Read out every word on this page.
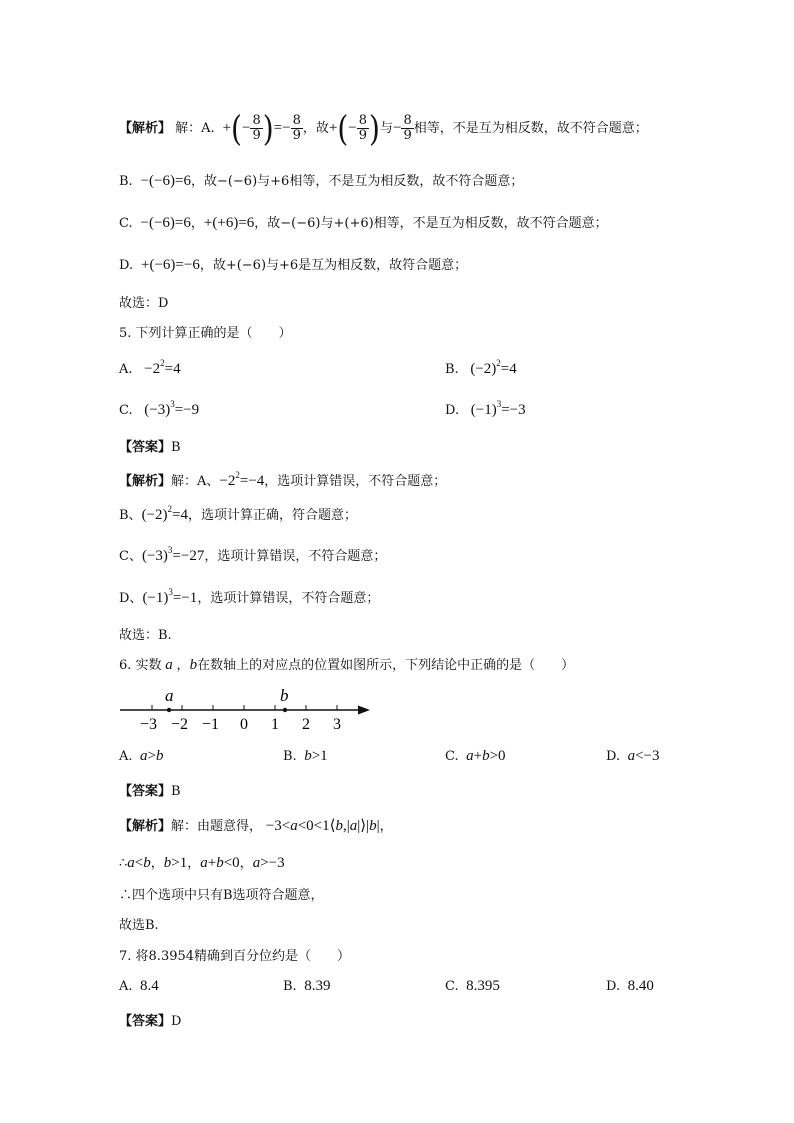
【解析】 解：A.  +(− $\frac{8}{9}$ )=− $\frac{8}{9}$ ，故+(− $\frac{8}{9}$ )与− $\frac{8}{9}$ 相等，不是互为相反数，故不符合题意；
B.  −(−6)=6，故−(−6)与+6相等，不是互为相反数，故不符合题意；
C.  −(−6)=6，+(+6)=6，故−(−6)与+(+6)相等，不是互为相反数，故不符合题意；
D.  +(−6)=−6，故+(−6)与+6是互为相反数，故符合题意；
故选：D
5. 下列计算正确的是（　　）
A.   $-2^2=4$	B.   $(-2)^2=4$
C.   $(-3)^3=-9$	D.   $(-1)^3=-3$
【答案】B
【解析】解：A、$-2^2=-4$，选项计算错误，不符合题意；
B、$(-2)^2=4$，选项计算正确，符合题意；
C、$(-3)^3=-27$，选项计算错误，不符合题意；
D、$(-1)^3=-1$，选项计算错误，不符合题意；
故选：B.
6. 实数 a ，b在数轴上的对应点的位置如图所示，下列结论中正确的是（　　）
a	b
−3 −2 −1 0 1 2 3
A. a>b	B. b>1	C. a+b>0	D. a<−3
【答案】B
【解析】解：由题意得， −3<a<0<1⟨b,|a|⟩|b|，
∴a<b，b>1，a+b<0，a>−3
∴四个选项中只有B选项符合题意，
故选B.
7. 将8.3954精确到百分位约是（　　）
A. 8.4	B. 8.39	C. 8.395	D. 8.40
【答案】D
